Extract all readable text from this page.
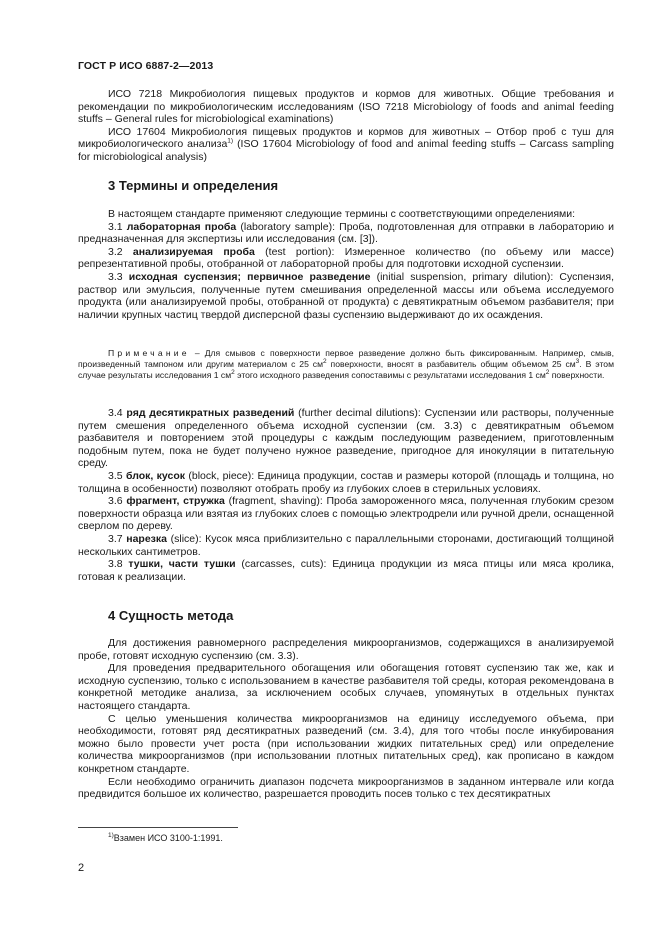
ГОСТ Р ИСО 6887-2—2013

ИСО 7218 Микробиология пищевых продуктов и кормов для животных. Общие требования и рекомендации по микробиологическим исследованиям (ISO 7218 Microbiology of foods and animal feeding stuffs – General rules for microbiological examinations)

ИСО 17604 Микробиология пищевых продуктов и кормов для животных – Отбор проб с туш для микробиологического анализа$^{1)}$ (ISO 17604 Microbiology of food and animal feeding stuffs – Carcass sampling for microbiological analysis)

3 Термины и определения

В настоящем стандарте применяют следующие термины с соответствующими определениями:

3.1 лабораторная проба (laboratory sample): Проба, подготовленная для отправки в лабораторию и предназначенная для экспертизы или исследования (см. [3]).

3.2 анализируемая проба (test portion): Измеренное количество (по объему или массе) репрезентативной пробы, отобранной от лабораторной пробы для подготовки исходной суспензии.

3.3 исходная суспензия; первичное разведение (initial suspension, primary dilution): Суспензия, раствор или эмульсия, полученные путем смешивания определенной массы или объема исследуемого продукта (или анализируемой пробы, отобранной от продукта) с девятикратным объемом разбавителя; при наличии крупных частиц твердой дисперсной фазы суспензию выдерживают до их осаждения.

Примечание – Для смывов с поверхности первое разведение должно быть фиксированным. Например, смыв, произведенный тампоном или другим материалом с 25 $см^2$ поверхности, вносят в разбавитель общим объемом 25 $см^3$. В этом случае результаты исследования 1 $см^2$ этого исходного разведения сопоставимы с результатами исследования 1 $см^2$ поверхности.

3.4 ряд десятикратных разведений (further decimal dilutions): Суспензии или растворы, полученные путем смешения определенного объема исходной суспензии (см. 3.3) с девятикратным объемом разбавителя и повторением этой процедуры с каждым последующим разведением, приготовленным подобным путем, пока не будет получено нужное разведение, пригодное для инокуляции в питательную среду.

3.5 блок, кусок (block, piece): Единица продукции, состав и размеры которой (площадь и толщина, но толщина в особенности) позволяют отобрать пробу из глубоких слоев в стерильных условиях.

3.6 фрагмент, стружка (fragment, shaving): Проба замороженного мяса, полученная глубоким срезом поверхности образца или взятая из глубоких слоев с помощью электродрели или ручной дрели, оснащенной сверлом по дереву.

3.7 нарезка (slice): Кусок мяса приблизительно с параллельными сторонами, достигающий толщиной нескольких сантиметров.

3.8 тушки, части тушки (carcasses, cuts): Единица продукции из мяса птицы или мяса кролика, готовая к реализации.

4 Сущность метода

Для достижения равномерного распределения микроорганизмов, содержащихся в анализируемой пробе, готовят исходную суспензию (см. 3.3).

Для проведения предварительного обогащения или обогащения готовят суспензию так же, как и исходную суспензию, только с использованием в качестве разбавителя той среды, которая рекомендована в конкретной методике анализа, за исключением особых случаев, упомянутых в отдельных пунктах настоящего стандарта.

С целью уменьшения количества микроорганизмов на единицу исследуемого объема, при необходимости, готовят ряд десятикратных разведений (см. 3.4), для того чтобы после инкубирования можно было провести учет роста (при использовании жидких питательных сред) или определение количества микроорганизмов (при использовании плотных питательных сред), как прописано в каждом конкретном стандарте.

Если необходимо ограничить диапазон подсчета микроорганизмов в заданном интервале или когда предвидится большое их количество, разрешается проводить посев только с тех десятикратных

$^{1)}$Взамен ИСО 3100-1:1991.
2
